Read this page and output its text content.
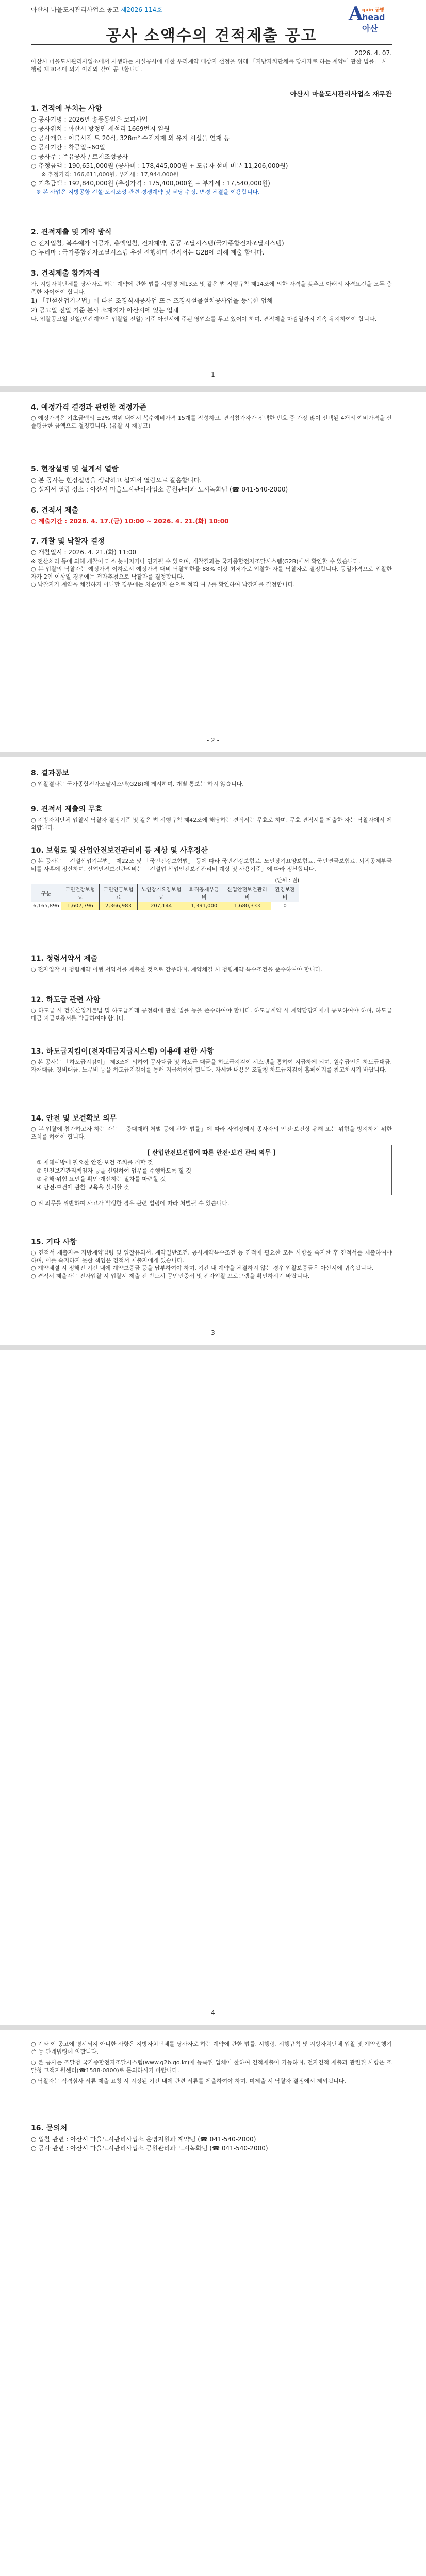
아산시 마을도시관리사업소 공고 제2026-114호	A
gain 동행
head 아산
공사 소액수의 견적제출 공고
2026. 4. 07.
아산시 마을도시관리사업소에서 시행하는 시설공사에 대한 우리계약 대상자 선정을 위해 「지방자치단체를 당사자로 하는 계약에 관한 법률」 시행령 제30조에 의거 아래와 같이 공고합니다.
아산시 마을도시관리사업소 재무관
1. 견적에 부치는 사항
○ 공사기명 : 2026년 송풍동일운 코피사업
○ 공사위치 : 아산시 방정면 제석리 1669번지 일원
○ 공사개요 : 이블시적 트 20식, 328m²·수적지제 외 유지 시설을 연재 등
○ 공사기간 : 착공일~60일
○ 공사주 : 주유공사 / 토지조성공사
○ 추정금액 : 190,651,000원 (공사비 : 178,445,000원 + 도급자 설비 비분 11,206,000원)
※ 추정가격: 166,611,000원, 부가세 : 17,944,000원
○ 기초금액 : 192,840,000원 (추정가격 : 175,400,000원 + 부가세 : 17,540,000원)
※ 본 사업은 지방공항 건설·도시조성 관련 경쟁계약 및 담당 수정, 변경 체결을 이용합니다.
2. 견적제출 및 계약 방식
○ 전자입찰, 복수예가 비공개, 총액입찰, 전자계약, 공공 조달시스템(국가종합전자조달시스템)
○ 누리마 : 국가종합전자조달시스템 우선 진행하며 견적서는 G2B에 의해 제출 합니다.
3. 견적제출 참가자격
가. 지방자치단체를 당사자로 하는 계약에 관한 법률 시행령 제13조 및 같은 법 시행규칙 제14조에 의한 자격을 갖추고 아래의 자격요건을 모두 충족한 자이어야 합니다.
1) 「건설산업기본법」에 따른 조경식재공사업 또는 조경시설물설치공사업을 등록한 업체
2) 공고일 전일 기준 본사 소재지가 아산시에 있는 업체
나. 입찰공고일 전일(민간계약은 입찰일 전일) 기준 아산시에 주된 영업소를 두고 있어야 하며, 견적제출 마감일까지 계속 유지하여야 합니다.
- 1 -
4. 예정가격 결정과 관련한 적정가준
○ 예정가격은 기초금액의 ±2% 범위 내에서 복수예비가격 15개를 작성하고, 견적참가자가 선택한 번호 중 가장 많이 선택된 4개의 예비가격을 산술평균한 금액으로 결정합니다. (유찰 시 재공고)
5. 현장설명 및 설계서 열람
○ 본 공사는 현장설명을 생략하고 설계서 열람으로 갈음합니다.
○ 설계서 열람 장소 : 아산시 마을도시관리사업소 공원관리과 도시녹화팀 (☎ 041-540-2000)
6. 견적서 제출
○ 제출기간 : 2026. 4. 17.(금) 10:00 ~ 2026. 4. 21.(화) 10:00
7. 개찰 및 낙찰자 결정
○ 개찰일시 : 2026. 4. 21.(화) 11:00
※ 전산처리 등에 의해 개찰이 다소 늦어지거나 연기될 수 있으며, 개찰결과는 국가종합전자조달시스템(G2B)에서 확인할 수 있습니다.
○ 본 입찰의 낙찰자는 예정가격 이하로서 예정가격 대비 낙찰하한율 88% 이상 최저가로 입찰한 자를 낙찰자로 결정합니다. 동일가격으로 입찰한 자가 2인 이상일 경우에는 전자추첨으로 낙찰자를 결정합니다.
○ 낙찰자가 계약을 체결하지 아니할 경우에는 차순위자 순으로 적격 여부를 확인하여 낙찰자를 결정합니다.
- 2 -
8. 결과통보
○ 입찰결과는 국가종합전자조달시스템(G2B)에 게시하며, 개별 통보는 하지 않습니다.
9. 견적서 제출의 무효
○ 지방자치단체 입찰시 낙찰자 결정기준 및 같은 법 시행규칙 제42조에 해당하는 견적서는 무효로 하며, 무효 견적서를 제출한 자는 낙찰자에서 제외합니다.
10. 보험료 및 산업안전보건관리비 등 계상 및 사후정산
○ 본 공사는 「건설산업기본법」 제22조 및 「국민건강보험법」 등에 따라 국민건강보험료, 노인장기요양보험료, 국민연금보험료, 퇴직공제부금비를 사후에 정산하며, 산업안전보건관리비는 「건설업 산업안전보건관리비 계상 및 사용기준」에 따라 정산합니다.
(단위 : 원)
구분	국민건강보험료	국민연금보험료	노인장기요양보험료	퇴직공제부금비	산업안전보건관리비	환경보전비
6,165,896	1,607,796	2,366,983	207,144	1,391,000	1,680,333	0
11. 청렴서약서 제출
○ 전자입찰 시 청렴계약 이행 서약서를 제출한 것으로 간주하며, 계약체결 시 청렴계약 특수조건을 준수하여야 합니다.
12. 하도급 관련 사항
○ 하도급 시 건설산업기본법 및 하도급거래 공정화에 관한 법률 등을 준수하여야 합니다. 하도급계약 시 계약담당자에게 통보하여야 하며, 하도급대금 지급보증서를 발급하여야 합니다.
13. 하도급지킴이(전자대금지급시스템) 이용에 관한 사항
○ 본 공사는 「하도급지킴이」 제3조에 의하여 공사대금 및 하도급 대금을 하도급지킴이 시스템을 통하여 지급하게 되며, 원수급인은 하도급대금, 자재대금, 장비대금, 노무비 등을 하도급지킴이를 통해 지급하여야 합니다. 자세한 내용은 조달청 하도급지킴이 홈페이지를 참고하시기 바랍니다.
14. 안전 및 보건확보 의무
○ 본 입찰에 참가하고자 하는 자는 「중대재해 처벌 등에 관한 법률」에 따라 사업장에서 종사자의 안전·보건상 유해 또는 위험을 방지하기 위한 조치를 하여야 합니다.
[ 산업안전보건법에 따른 안전·보건 관리 의무 ]
① 재해예방에 필요한 안전·보건 조치를 취할 것
② 안전보건관리책임자 등을 선임하여 업무를 수행하도록 할 것
③ 유해·위험 요인을 확인·개선하는 절차를 마련할 것
④ 안전·보건에 관한 교육을 실시할 것
○ 위 의무를 위반하여 사고가 발생한 경우 관련 법령에 따라 처벌될 수 있습니다.
15. 기타 사항
○ 견적서 제출자는 지방계약법령 및 입찰유의서, 계약일반조건, 공사계약특수조건 등 견적에 필요한 모든 사항을 숙지한 후 견적서를 제출하여야 하며, 이를 숙지하지 못한 책임은 견적서 제출자에게 있습니다.
○ 계약체결 시 정해진 기간 내에 계약보증금 등을 납부하여야 하며, 기간 내 계약을 체결하지 않는 경우 입찰보증금은 아산시에 귀속됩니다.
○ 견적서 제출자는 전자입찰 시 입찰서 제출 전 반드시 공인인증서 및 전자입찰 프로그램을 확인하시기 바랍니다.
- 3 -
- 4 -
○ 기타 이 공고에 명시되지 아니한 사항은 지방자치단체를 당사자로 하는 계약에 관한 법률, 시행령, 시행규칙 및 지방자치단체 입찰 및 계약집행기준 등 관계법령에 의합니다.
○ 본 공사는 조달청 국가종합전자조달시스템(www.g2b.go.kr)에 등록된 업체에 한하여 견적제출이 가능하며, 전자견적 제출과 관련된 사항은 조달청 고객지원센터(☎1588-0800)로 문의하시기 바랍니다.
○ 낙찰자는 적격심사 서류 제출 요청 시 지정된 기간 내에 관련 서류를 제출하여야 하며, 미제출 시 낙찰자 결정에서 제외됩니다.
16. 문의처
○ 입찰 관련 : 아산시 마을도시관리사업소 운영지원과 계약팀 (☎ 041-540-2000)
○ 공사 관련 : 아산시 마을도시관리사업소 공원관리과 도시녹화팀 (☎ 041-540-2000)
